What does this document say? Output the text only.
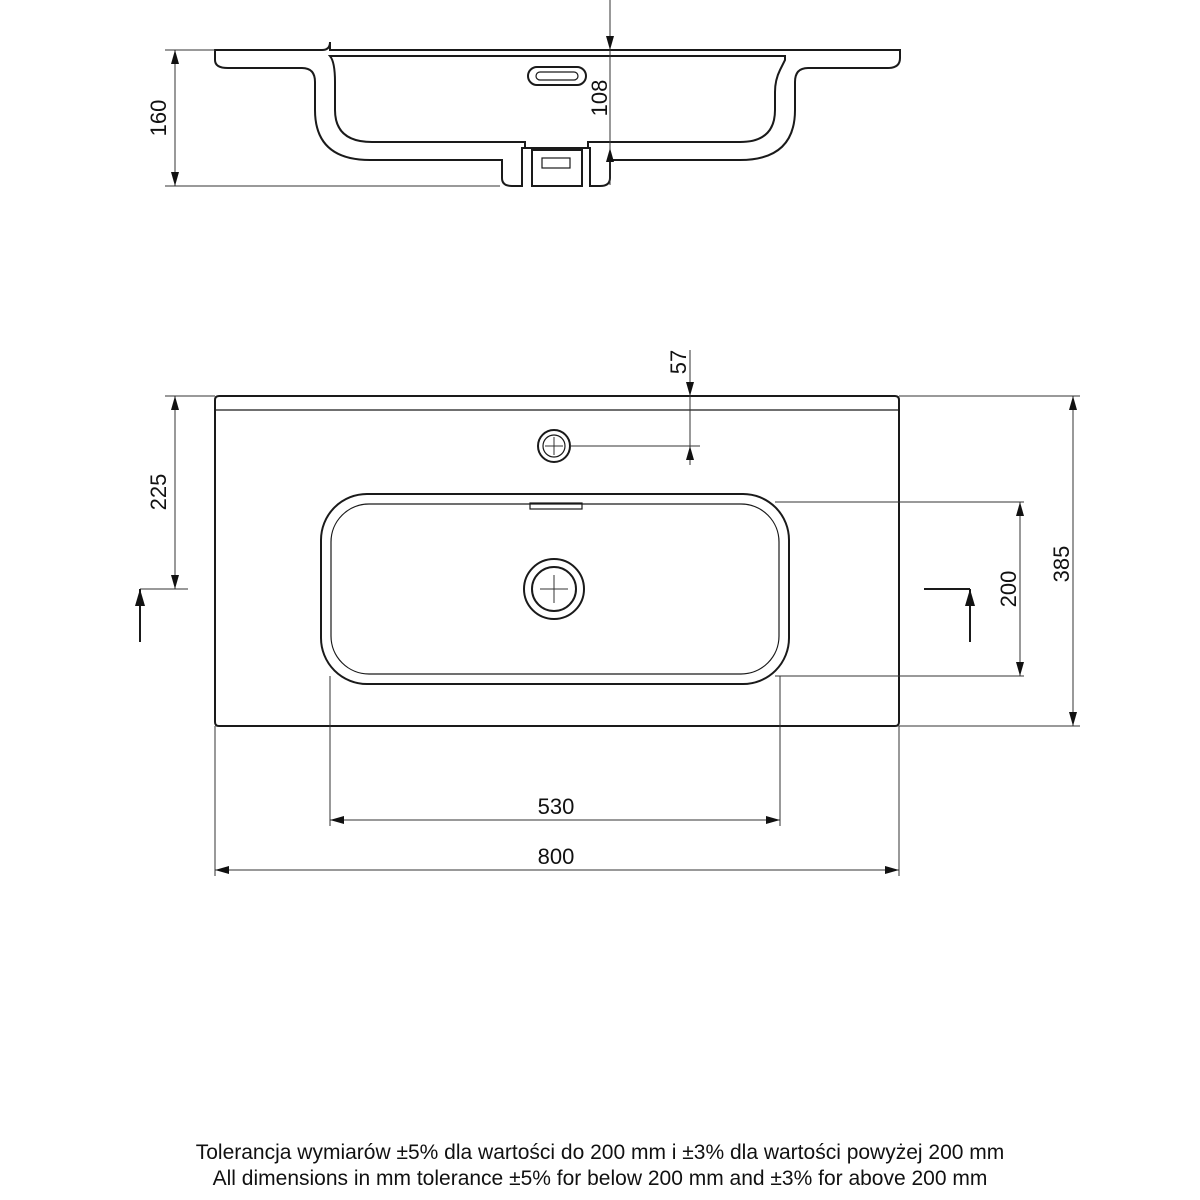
160
108
57
225
200
385
530
800
Tolerancja wymiarów ±5% dla wartości do 200 mm i ±3% dla wartości powyżej 200 mm
All dimensions in mm tolerance ±5% for below 200 mm and ±3% for above 200 mm
